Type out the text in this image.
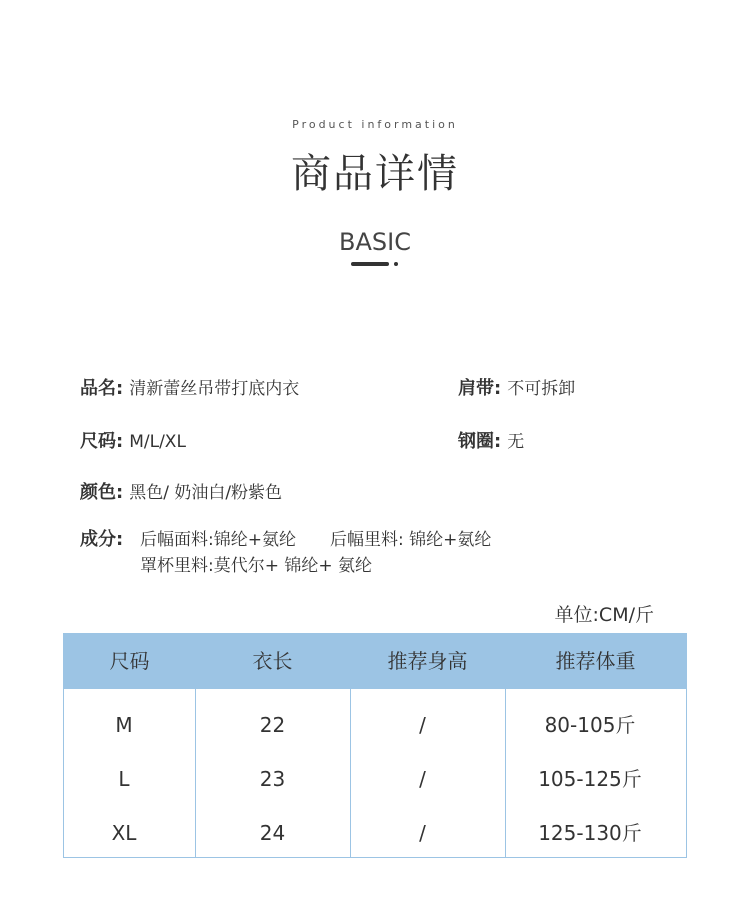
Product information
商品详情
BASIC
品名: 清新蕾丝吊带打底内衣	肩带: 不可拆卸
尺码: M/L/XL	钢圈: 无
颜色: 黑色/ 奶油白/粉紫色
成分: 后幅面料:锦纶+氨纶 后幅里料: 锦纶+氨纶
罩杯里料:莫代尔+ 锦纶+ 氨纶
单位:CM/斤
尺码	衣长	推荐身高	推荐体重
M	22	/	80-105斤
L	23	/	105-125斤
XL	24	/	125-130斤
